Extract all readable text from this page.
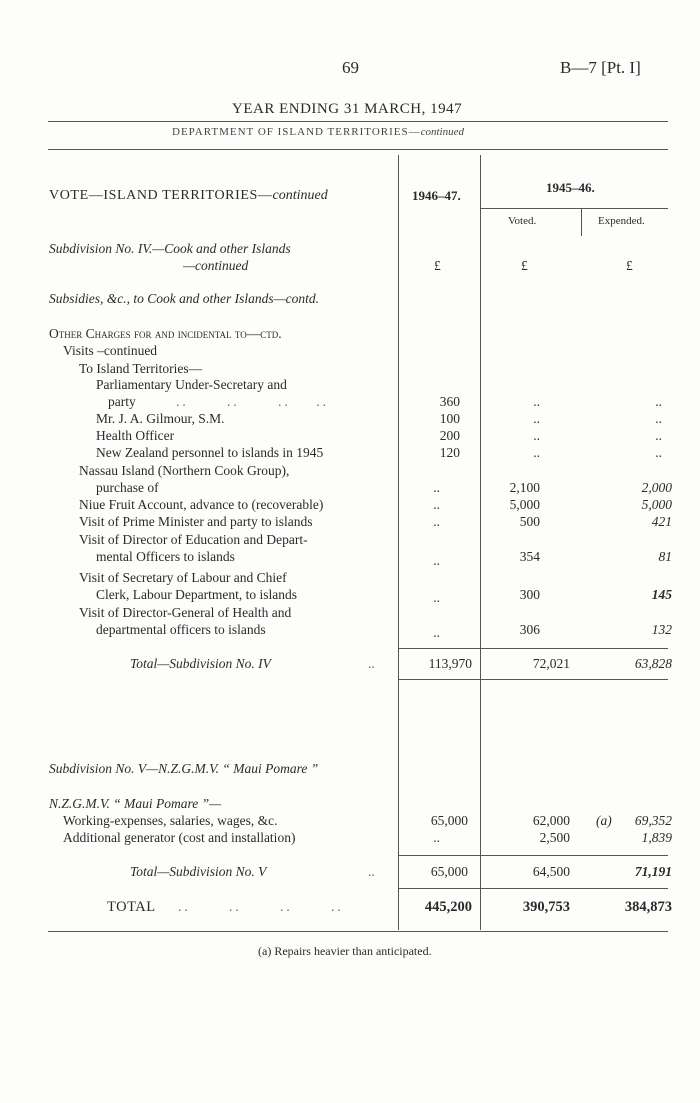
69	B—7 [Pt. I]
YEAR ENDING 31 MARCH, 1947
DEPARTMENT OF ISLAND TERRITORIES—continued
VOTE—ISLAND TERRITORIES—continued	1946–47.
1945–46.
Voted.	Expended.
Subdivision No. IV.—Cook and other Islands
—continued	£	£	£
Subsidies, &c., to Cook and other Islands—contd.
Other Charges for and incidental to—ctd.
Visits –continued
To Island Territories—
Parliamentary Under-Secretary and
party	360	..	..
Mr. J. A. Gilmour, S.M.	100	..	..
Health Officer	200	..	..
New Zealand personnel to islands in 1945	120	..	..
Nassau Island (Northern Cook Group),
purchase of	..	2,100	2,000
Niue Fruit Account, advance to (recoverable)	..	5,000	5,000
Visit of Prime Minister and party to islands	..	500	421
Visit of Director of Education and Depart-
mental Officers to islands	..	354	81
Visit of Secretary of Labour and Chief
Clerk, Labour Department, to islands	..	300	145
Visit of Director-General of Health and
departmental officers to islands	..	306	132
..      ..      ..    ..
Total—Subdivision No. IV	..	113,970	72,021	63,828
Subdivision No. V—N.Z.G.M.V. “ Maui Pomare ”
N.Z.G.M.V. “ Maui Pomare ”—
Working-expenses, salaries, wages, &c.	65,000	62,000 (a) 69,352
Additional generator (cost and installation)	..	2,500	1,839
Total—Subdivision No. V	..	65,000	64,500	71,191
TOTAL ..      ..      ..      ..	445,200	390,753	384,873
(a) Repairs heavier than anticipated.
